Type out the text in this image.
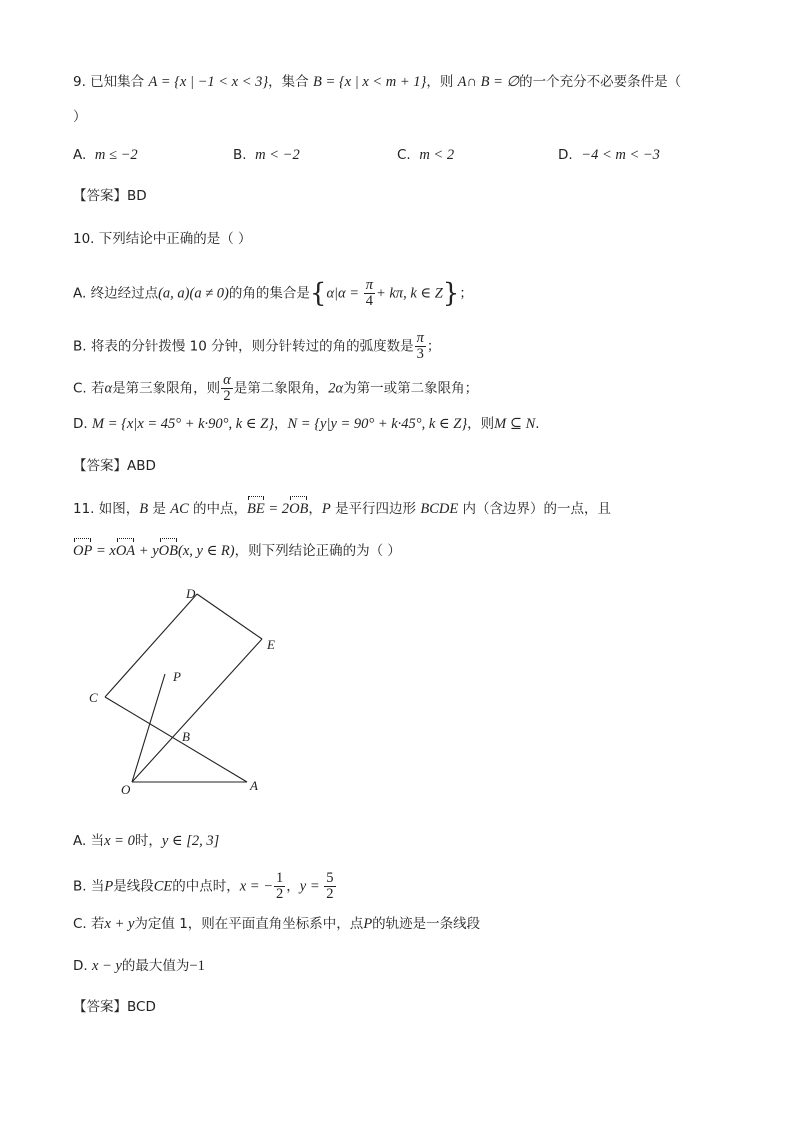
9. 已知集合 A = {x | −1 < x < 3}，集合 B = {x | x < m + 1}，则 A∩ B = ∅的一个充分不必要条件是（
）
A. m ≤ −2	B. m < −2	C. m < 2	D. −4 < m < −3
【答案】BD
10. 下列结论中正确的是（ ）
A. 终边经过点(a, a)(a ≠ 0)的角的集合是{$\alpha|\alpha = \frac{\pi}{4} + k\pi$, k ∈ Z}；
B. 将表的分针拨慢 10 分钟，则分针转过的角的弧度数是 $\frac{\pi}{3}$ ；
C. 若α是第三象限角，则 $\frac{\alpha}{2}$ 是第二象限角，2α为第一或第二象限角；
D. M = {x|x = 45° + k·90°, k ∈ Z}，N = {y|y = 90° + k·45°, k ∈ Z}，则M ⊆ N.
【答案】ABD
11. 如图，B 是 AC 的中点，BE = 2OB，P 是平行四边形 BCDE 内（含边界）的一点，且
OP = xOA + yOB(x, y ∈ R)，则下列结论正确的为（ ）
D
E
P
C
B
O	A
A. 当x = 0时，y ∈ [2, 3]
B. 当P是线段CE的中点时，x = − $\frac{1}{2}$ ，$y = \frac{5}{2}$
C. 若x + y为定值 1，则在平面直角坐标系中，点P的轨迹是一条线段
D. x − y的最大值为−1
【答案】BCD
